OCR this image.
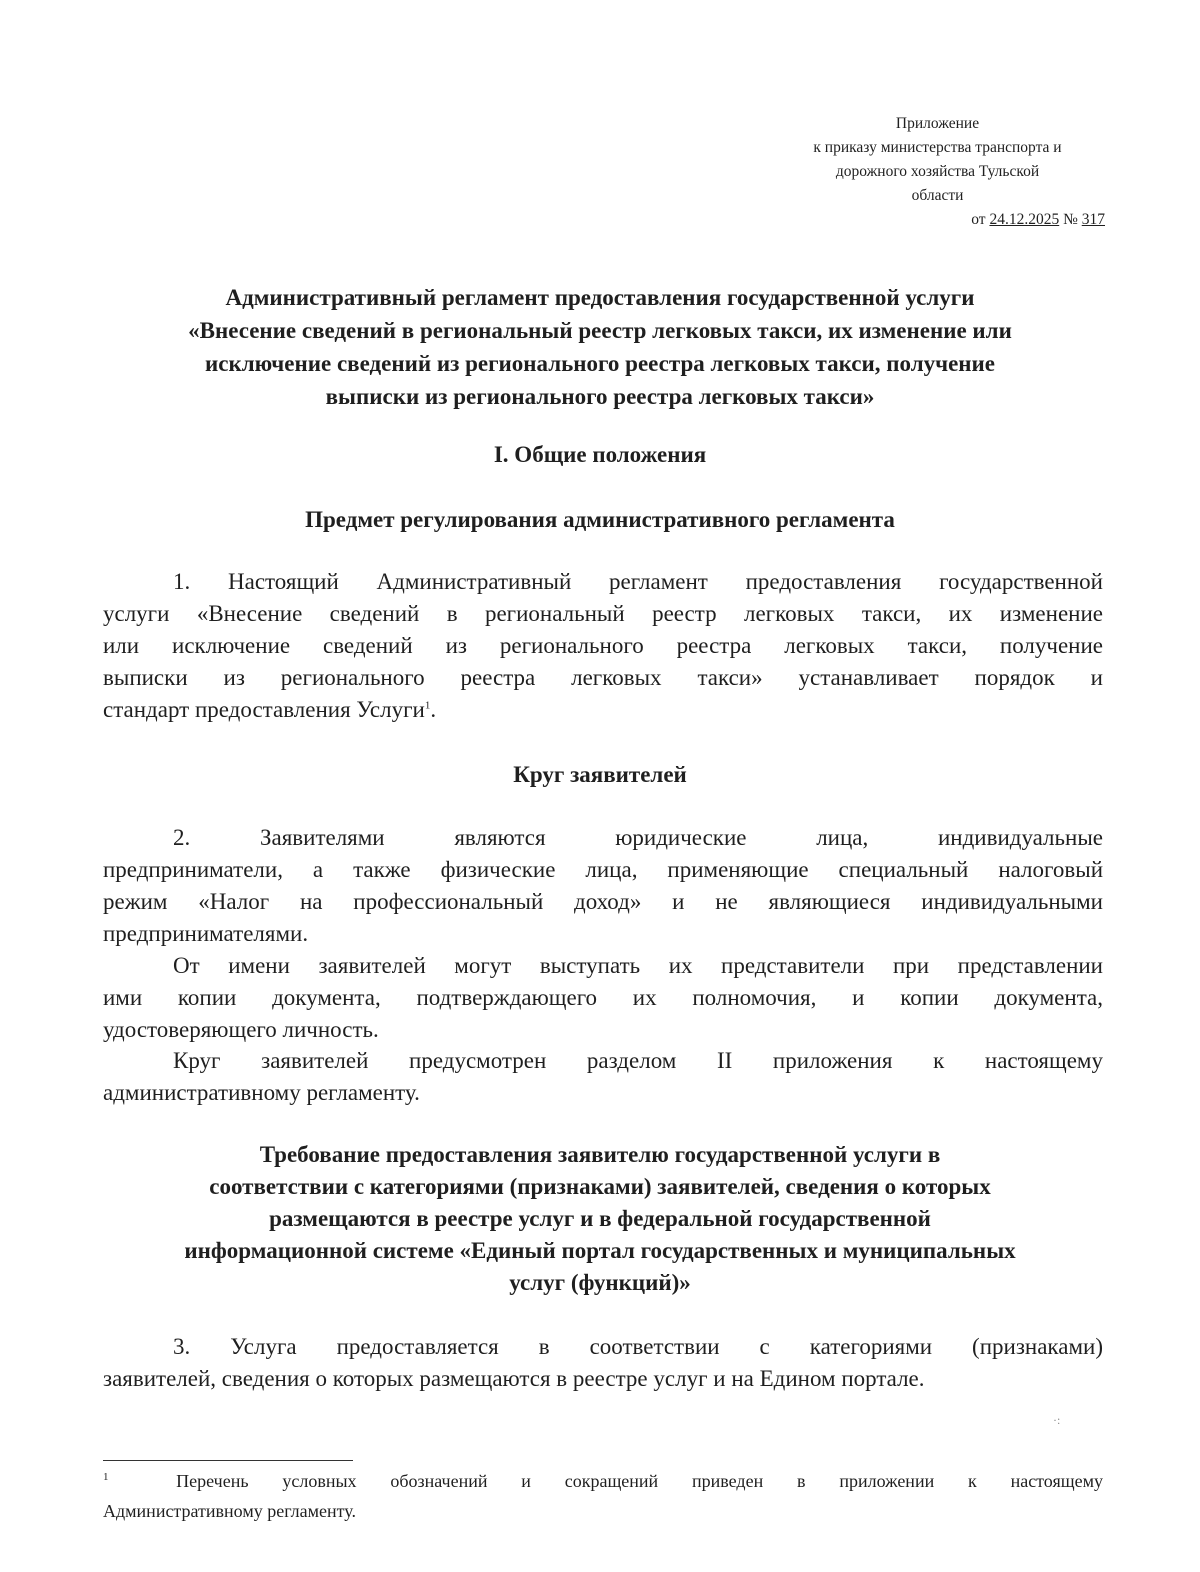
Приложение
к приказу министерства транспорта и
дорожного хозяйства Тульской
области
от 24.12.2025 № 317
Административный регламент предоставления государственной услуги
«Внесение сведений в региональный реестр легковых такси, их изменение или
исключение сведений из регионального реестра легковых такси, получение
выписки из регионального реестра легковых такси»
I. Общие положения
Предмет регулирования административного регламента
1. Настоящий Административный регламент предоставления государственной
услуги «Внесение сведений в региональный реестр легковых такси, их изменение
или исключение сведений из регионального реестра легковых такси, получение
выписки из регионального реестра легковых такси» устанавливает порядок и
стандарт предоставления Услуги$^1$.
Круг заявителей
2. Заявителями являются юридические лица, индивидуальные
предприниматели, а также физические лица, применяющие специальный налоговый
режим «Налог на профессиональный доход» и не являющиеся индивидуальными
предпринимателями.
От имени заявителей могут выступать их представители при представлении
ими копии документа, подтверждающего их полномочия, и копии документа,
удостоверяющего личность.
Круг заявителей предусмотрен разделом II приложения к настоящему
административному регламенту.
Требование предоставления заявителю государственной услуги в
соответствии с категориями (признаками) заявителей, сведения о которых
размещаются в реестре услуг и в федеральной государственной
информационной системе «Единый портал государственных и муниципальных
услуг (функций)»
3. Услуга предоставляется в соответствии с категориями (признаками)
заявителей, сведения о которых размещаются в реестре услуг и на Едином портале.
·:
$^1$	Перечень условных обозначений и сокращений приведен в приложении к настоящему
Административному регламенту.
